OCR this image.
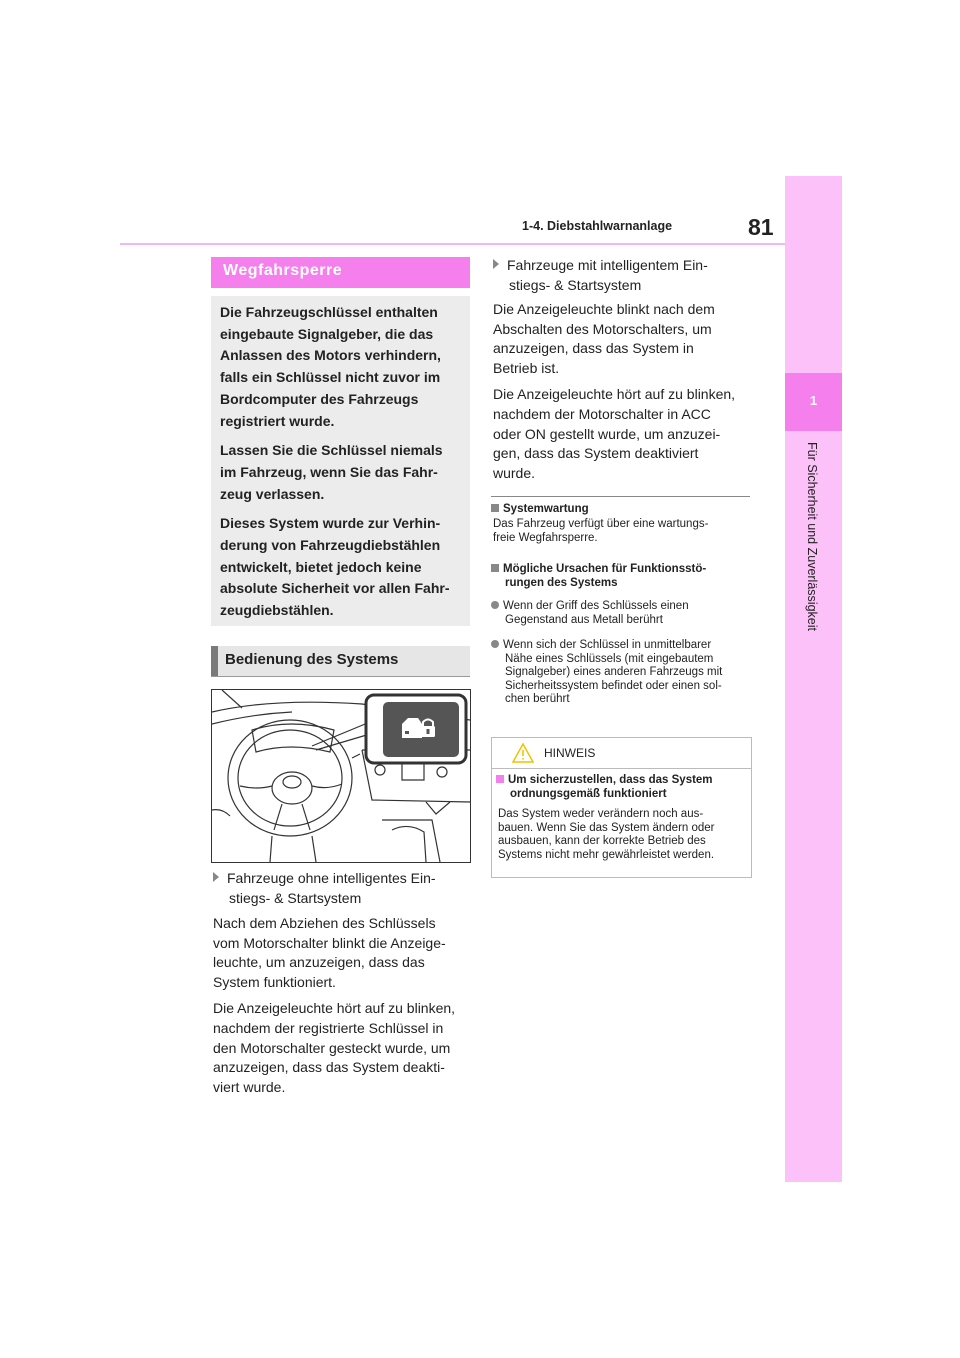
1-4. Diebstahlwarnanlage	81
1
Für Sicherheit und Zuverlässigkeit
Wegfahrsperre

Die Fahrzeugschlüssel enthalten
eingebaute Signalgeber, die das
Anlassen des Motors verhindern,
falls ein Schlüssel nicht zuvor im
Bordcomputer des Fahrzeugs
registriert wurde.

Lassen Sie die Schlüssel niemals
im Fahrzeug, wenn Sie das Fahr-
zeug verlassen.

Dieses System wurde zur Verhin-
derung von Fahrzeugdiebstählen
entwickelt, bietet jedoch keine
absolute Sicherheit vor allen Fahr-
zeugdiebstählen.

Bedienung des Systems
Fahrzeuge ohne intelligentes Ein-
stiegs- & Startsystem

Nach dem Abziehen des Schlüssels
vom Motorschalter blinkt die Anzeige-
leuchte, um anzuzeigen, dass das
System funktioniert.

Die Anzeigeleuchte hört auf zu blinken,
nachdem der registrierte Schlüssel in
den Motorschalter gesteckt wurde, um
anzuzeigen, dass das System deakti-
viert wurde.

Fahrzeuge mit intelligentem Ein-
stiegs- & Startsystem

Die Anzeigeleuchte blinkt nach dem
Abschalten des Motorschalters, um
anzuzeigen, dass das System in
Betrieb ist.

Die Anzeigeleuchte hört auf zu blinken,
nachdem der Motorschalter in ACC
oder ON gestellt wurde, um anzuzei-
gen, dass das System deaktiviert
wurde.

Systemwartung
Das Fahrzeug verfügt über eine wartungs-
freie Wegfahrsperre.
Mögliche Ursachen für Funktionsstö-
rungen des Systems
Wenn der Griff des Schlüssels einen
Gegenstand aus Metall berührt
Wenn sich der Schlüssel in unmittelbarer
Nähe eines Schlüssels (mit eingebautem
Signalgeber) eines anderen Fahrzeugs mit
Sicherheitssystem befindet oder einen sol-
chen berührt
HINWEIS
Um sicherzustellen, dass das System
ordnungsgemäß funktioniert
Das System weder verändern noch aus-
bauen. Wenn Sie das System ändern oder
ausbauen, kann der korrekte Betrieb des
Systems nicht mehr gewährleistet werden.
